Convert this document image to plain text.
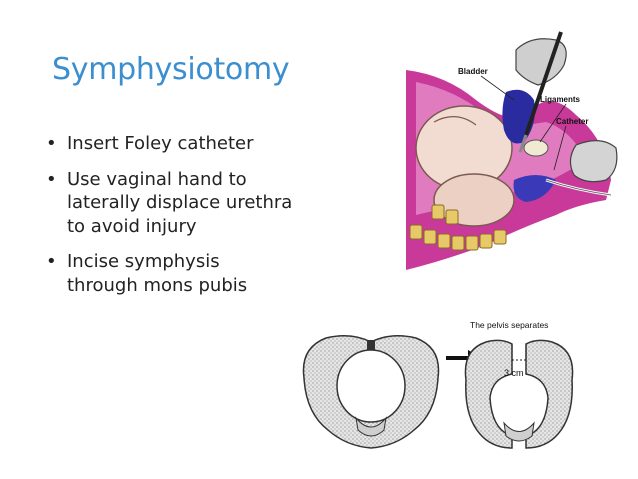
Symphysiotomy
• Insert Foley catheter
• Use vaginal hand to laterally displace urethra to avoid injury
• Incise symphysis through mons pubis
Bladder
Ligaments
Catheter
The pelvis separates
3 cm
